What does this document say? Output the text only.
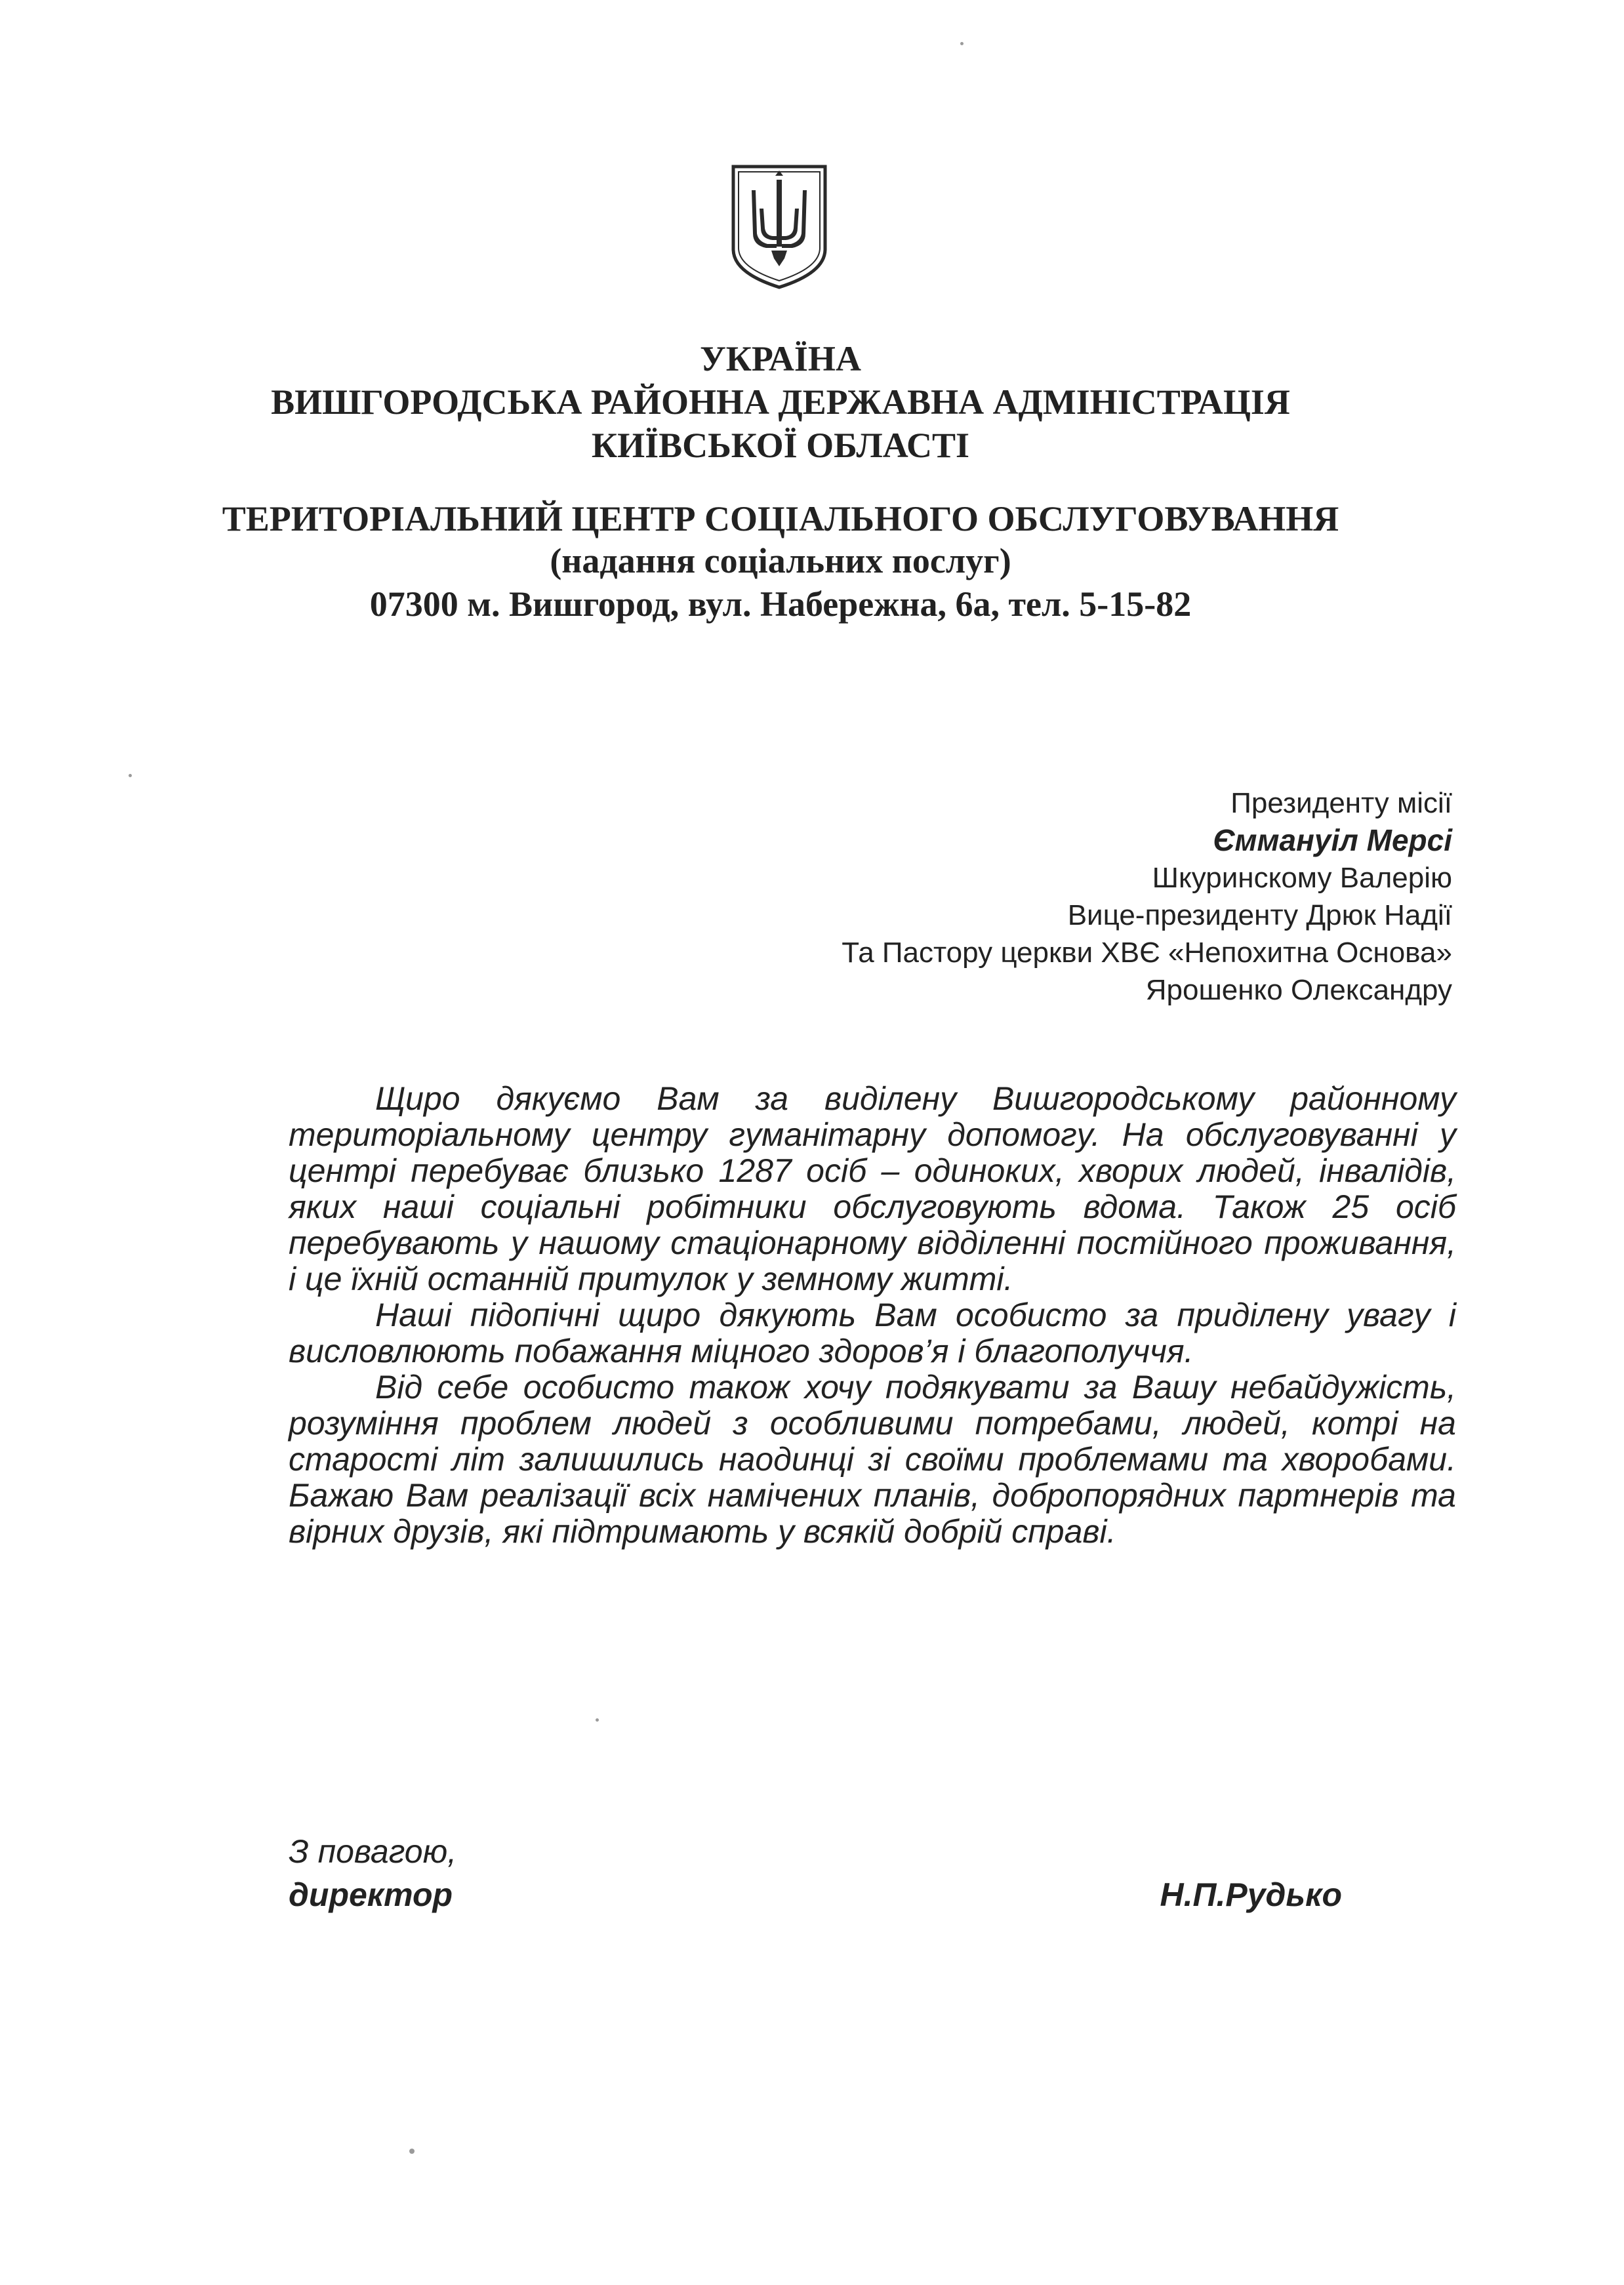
УКРАЇНА
ВИШГОРОДСЬКА РАЙОННА ДЕРЖАВНА АДМІНІСТРАЦІЯ
КИЇВСЬКОЇ ОБЛАСТІ
ТЕРИТОРІАЛЬНИЙ ЦЕНТР СОЦІАЛЬНОГО ОБСЛУГОВУВАННЯ
(надання соціальних послуг)
07300 м. Вишгород, вул. Набережна, 6а, тел. 5-15-82
Президенту місії
Єммануіл Мерсі
Шкуринскому Валерію
Вице-президенту Дрюк Надії
Та Пастору церкви ХВЄ «Непохитна Основа»
Ярошенко Олександру

Щиро дякуємо Вам за виділену Вишгородському районному територіальному центру гуманітарну допомогу. На обслуговуванні у центрі перебуває близько 1287 осіб – одиноких, хворих людей, інвалідів, яких наші соціальні робітники обслуговують вдома. Також 25 осіб перебувають у нашому стаціонарному відділенні постійного проживання, і це їхній останній притулок у земному житті.

Наші підопічні щиро дякують Вам особисто за приділену увагу і висловлюють побажання міцного здоров’я і благополуччя.

Від себе особисто також хочу подякувати за Вашу небайдужість, розуміння проблем людей з особливими потребами, людей, котрі на старості літ залишились наодинці зі своїми проблемами та хворобами. Бажаю Вам реалізації всіх намічених планів, добропорядних партнерів та вірних друзів, які підтримають у всякій добрій справі.

З повагою,
директор	Н.П.Рудько
